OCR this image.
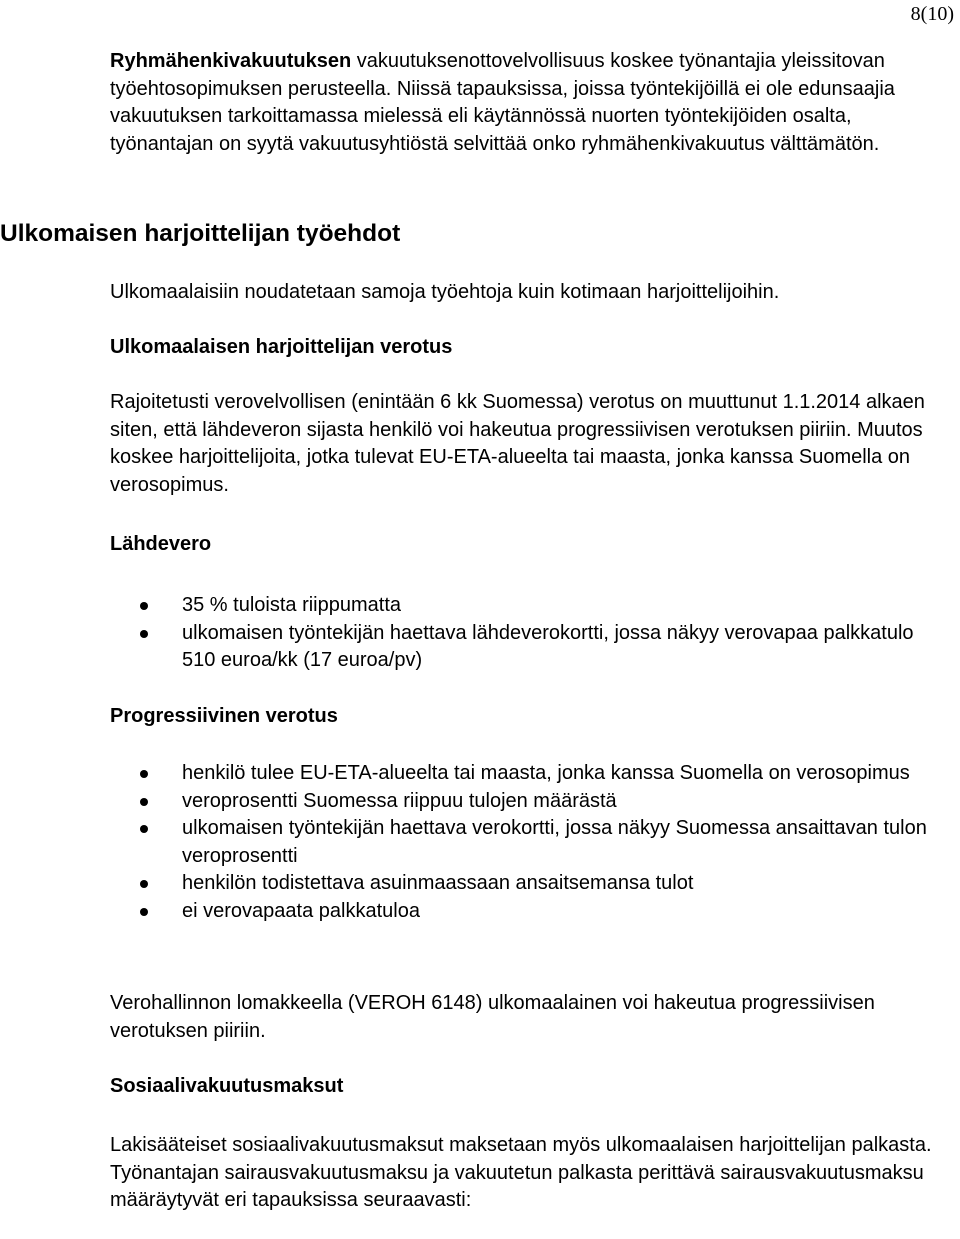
8(10)

Ryhmähenkivakuutuksen vakuutuksenottovelvollisuus koskee työnantajia yleissitovan työehtosopimuksen perusteella. Niissä tapauksissa, joissa työntekijöillä ei ole edunsaajia vakuutuksen tarkoittamassa mielessä eli käytännössä nuorten työntekijöiden osalta, työnantajan on syytä vakuutusyhtiöstä selvittää onko ryhmähenkivakuutus välttämätön.

Ulkomaisen harjoittelijan työehdot

Ulkomaalaisiin noudatetaan samoja työehtoja kuin kotimaan harjoittelijoihin.

Ulkomaalaisen harjoittelijan verotus

Rajoitetusti verovelvollisen (enintään 6 kk Suomessa) verotus on muuttunut 1.1.2014 alkaen siten, että lähdeveron sijasta henkilö voi hakeutua progressiivisen verotuksen piiriin. Muutos koskee harjoittelijoita, jotka tulevat EU-ETA-alueelta tai maasta, jonka kanssa Suomella on verosopimus.

Lähdevero
35 % tuloista riippumatta
ulkomaisen työntekijän haettava lähdeverokortti, jossa näkyy verovapaa palkkatulo 510 euroa/kk (17 euroa/pv)
Progressiivinen verotus
henkilö tulee EU-ETA-alueelta tai maasta, jonka kanssa Suomella on verosopimus
veroprosentti Suomessa riippuu tulojen määrästä
ulkomaisen työntekijän haettava verokortti, jossa näkyy Suomessa ansaittavan tulon veroprosentti
henkilön todistettava asuinmaassaan ansaitsemansa tulot
ei verovapaata palkkatuloa

Verohallinnon lomakkeella (VEROH 6148) ulkomaalainen voi hakeutua progressiivisen verotuksen piiriin.

Sosiaalivakuutusmaksut

Lakisääteiset sosiaalivakuutusmaksut maksetaan myös ulkomaalaisen harjoittelijan palkasta. Työnantajan sairausvakuutusmaksu ja vakuutetun palkasta perittävä sairausvakuutusmaksu määräytyvät eri tapauksissa seuraavasti:
